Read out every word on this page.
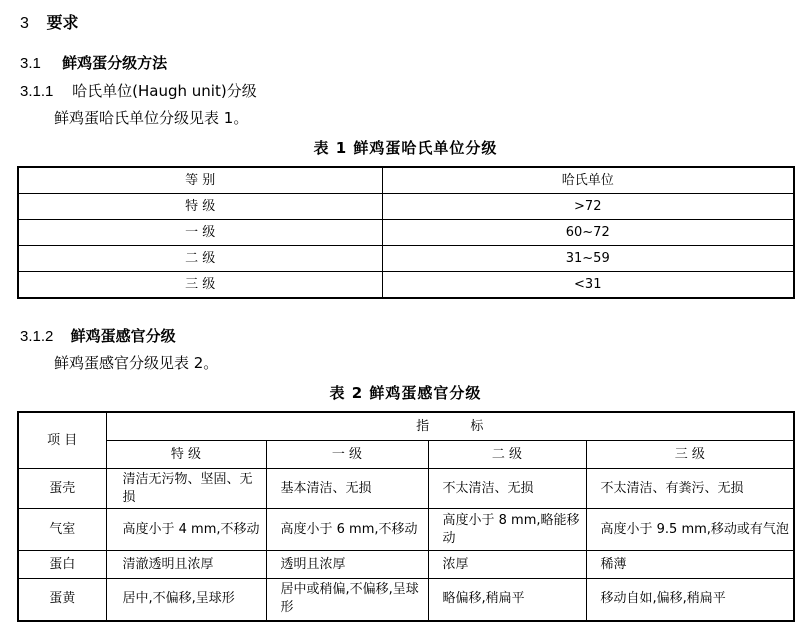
3 要求
3.1 鲜鸡蛋分级方法
3.1.1 哈氏单位(Haugh unit)分级
鲜鸡蛋哈氏单位分级见表 1。
表 1 鲜鸡蛋哈氏单位分级
等 别	哈氏单位
特 级	>72
一 级	60~72
二 级	31~59
三 级	<31
3.1.2 鲜鸡蛋感官分级
鲜鸡蛋感官分级见表 2。
表 2 鲜鸡蛋感官分级
项 目	指          标			
	特 级	一 级	二 级	三 级
蛋壳	清洁无污物、坚固、无损	基本清洁、无损	不太清洁、无损	不太清洁、有粪污、无损
气室	高度小于 4 mm,不移动	高度小于 6 mm,不移动	高度小于 8 mm,略能移动	高度小于 9.5 mm,移动或有气泡
蛋白	清澈透明且浓厚	透明且浓厚	浓厚	稀薄
蛋黄	居中,不偏移,呈球形	居中或稍偏,不偏移,呈球形	略偏移,稍扁平	移动自如,偏移,稍扁平
